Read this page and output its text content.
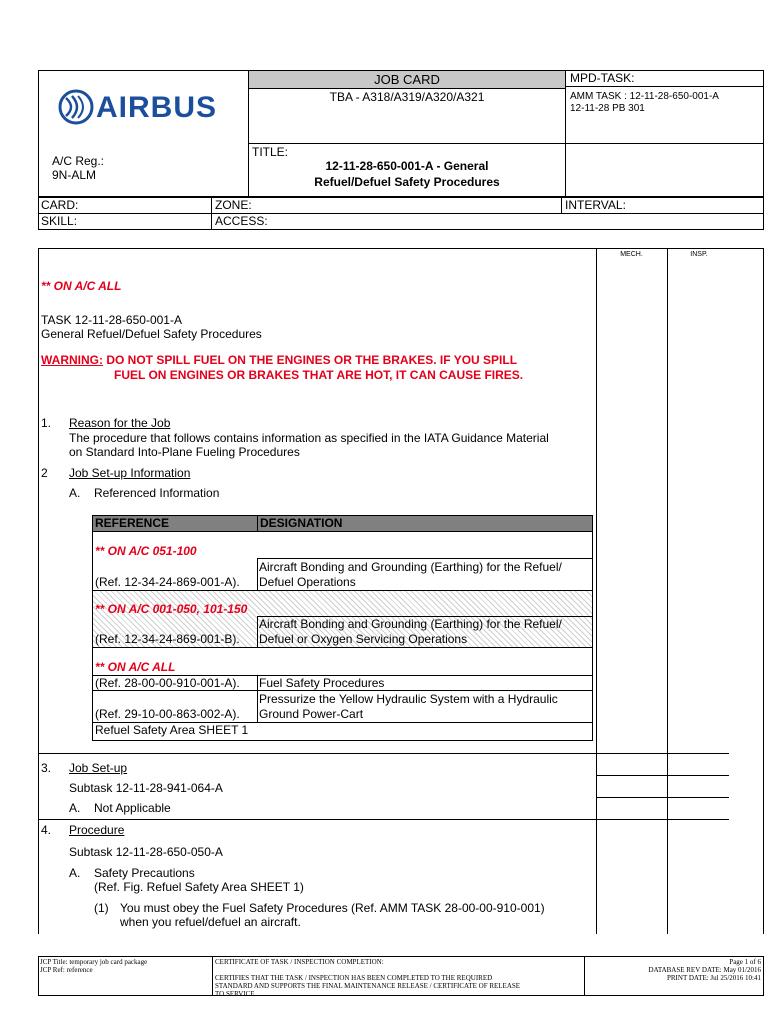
AIRBUS
JOB CARD
TBA - A318/A319/A320/A321
MPD-TASK:
AMM TASK : 12-11-28-650-001-A
12-11-28 PB 301
A/C Reg.:
9N-ALM
TITLE:
12-11-28-650-001-A - General
Refuel/Defuel Safety Procedures
CARD:	ZONE:	INTERVAL:
SKILL:	ACCESS:
MECH.	INSP.
** ON A/C ALL
TASK 12-11-28-650-001-A
General Refuel/Defuel Safety Procedures
WARNING: DO NOT SPILL FUEL ON THE ENGINES OR THE BRAKES. IF YOU SPILL
FUEL ON ENGINES OR BRAKES THAT ARE HOT, IT CAN CAUSE FIRES.
1. Reason for the Job
The procedure that follows contains information as specified in the IATA Guidance Material
on Standard Into-Plane Fueling Procedures
2 Job Set-up Information
A. Referenced Information
REFERENCE	DESIGNATION
** ON A/C 051-100
(Ref. 12-34-24-869-001-A).
Aircraft Bonding and Grounding (Earthing) for the Refuel/
Defuel Operations
** ON A/C 001-050, 101-150
(Ref. 12-34-24-869-001-B).
Aircraft Bonding and Grounding (Earthing) for the Refuel/
Defuel or Oxygen Servicing Operations
** ON A/C ALL
(Ref. 28-00-00-910-001-A). Fuel Safety Procedures
(Ref. 29-10-00-863-002-A).
Pressurize the Yellow Hydraulic System with a Hydraulic
Ground Power-Cart
Refuel Safety Area SHEET 1
3. Job Set-up
Subtask 12-11-28-941-064-A
A. Not Applicable
4. Procedure
Subtask 12-11-28-650-050-A
A. Safety Precautions
(Ref. Fig. Refuel Safety Area SHEET 1)
(1) You must obey the Fuel Safety Procedures (Ref. AMM TASK 28-00-00-910-001)
when you refuel/defuel an aircraft.
JCP Title: temporary job card package
JCP Ref: reference
CERTIFICATE OF TASK / INSPECTION COMPLETION:
CERTIFIES THAT THE TASK / INSPECTION HAS BEEN COMPLETED TO THE REQUIRED
STANDARD AND SUPPORTS THE FINAL MAINTENANCE RELEASE / CERTIFICATE OF RELEASE
TO SERVICE
Page 1 of 6
DATABASE REV DATE: May 01/2016
PRINT DATE: Jul 25/2016 10:41
